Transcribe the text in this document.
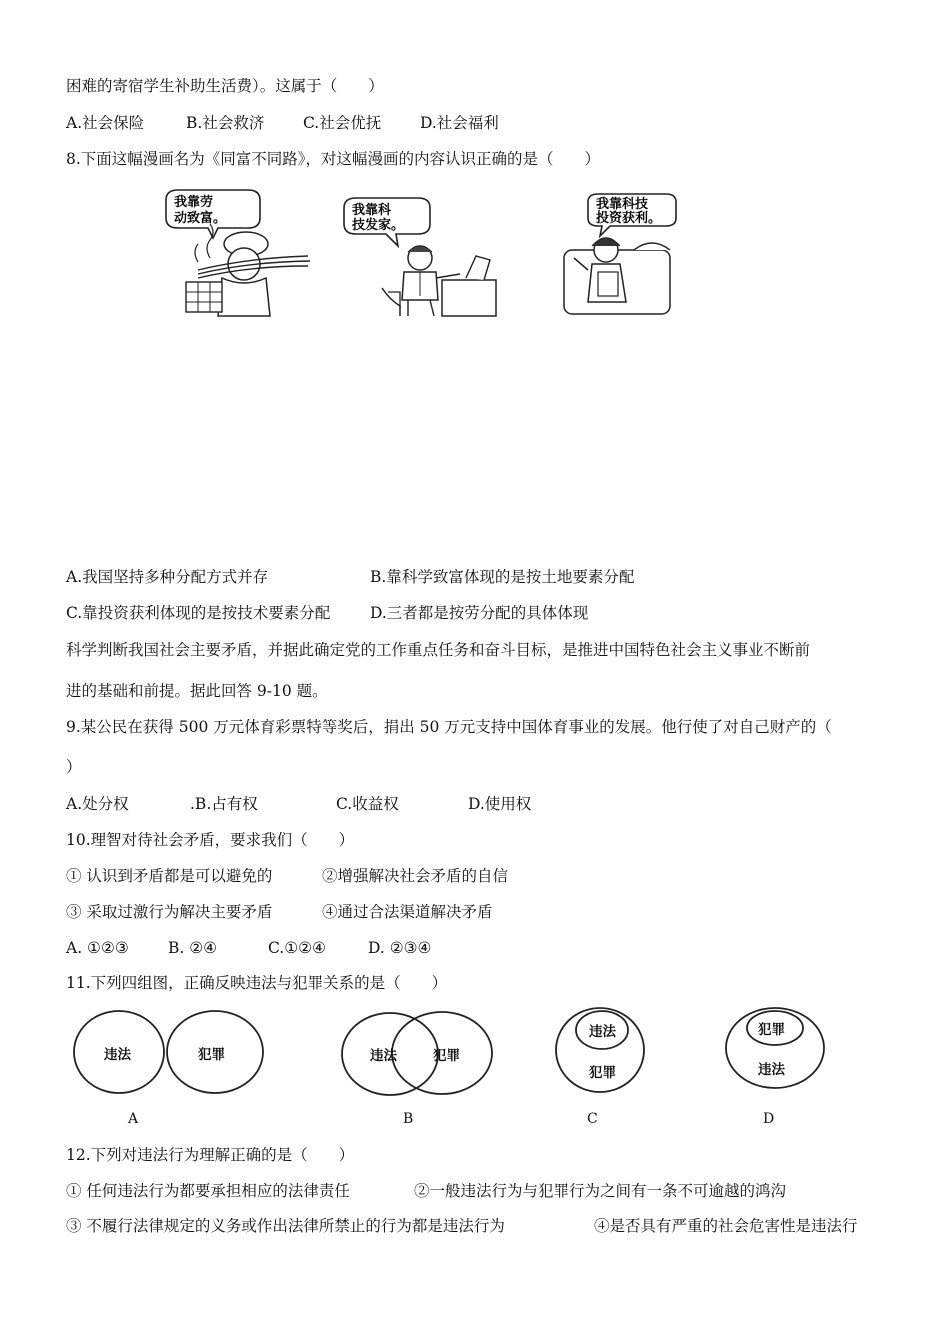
困难的寄宿学生补助生活费）。这属于（　　）
A.社会保险	B.社会救济 C.社会优抚	D.社会福利
8.下面这幅漫画名为《同富不同路》，对这幅漫画的内容认识正确的是（　　）
我靠劳
动致富。
我靠科
技发家。
我靠科技
投资获利。
A.我国坚持多种分配方式并存	B.靠科学致富体现的是按土地要素分配
C.靠投资获利体现的是按技术要素分配	D.三者都是按劳分配的具体体现
科学判断我国社会主要矛盾，并据此确定党的工作重点任务和奋斗目标，是推进中国特色社会主义事业不断前
进的基础和前提。据此回答 9-10 题。
9.某公民在获得 500 万元体育彩票特等奖后，捐出 50 万元支持中国体育事业的发展。他行使了对自己财产的（
）
A.处分权	.B.占有权	C.收益权	D.使用权
10.理智对待社会矛盾，要求我们（　　）
① 认识到矛盾都是可以避免的	②增强解决社会矛盾的自信
③ 采取过激行为解决主要矛盾	④通过合法渠道解决矛盾
A. ①②③	B. ②④	C.①②④	D. ②③④
11.下列四组图，正确反映违法与犯罪关系的是（　　）
违法	犯罪
A
违法	犯罪
B
违法
犯罪
C
犯罪
违法
D
12.下列对违法行为理解正确的是（　　）
① 任何违法行为都要承担相应的法律责任	②一般违法行为与犯罪行为之间有一条不可逾越的鸿沟
③ 不履行法律规定的义务或作出法律所禁止的行为都是违法行为	④是否具有严重的社会危害性是违法行
